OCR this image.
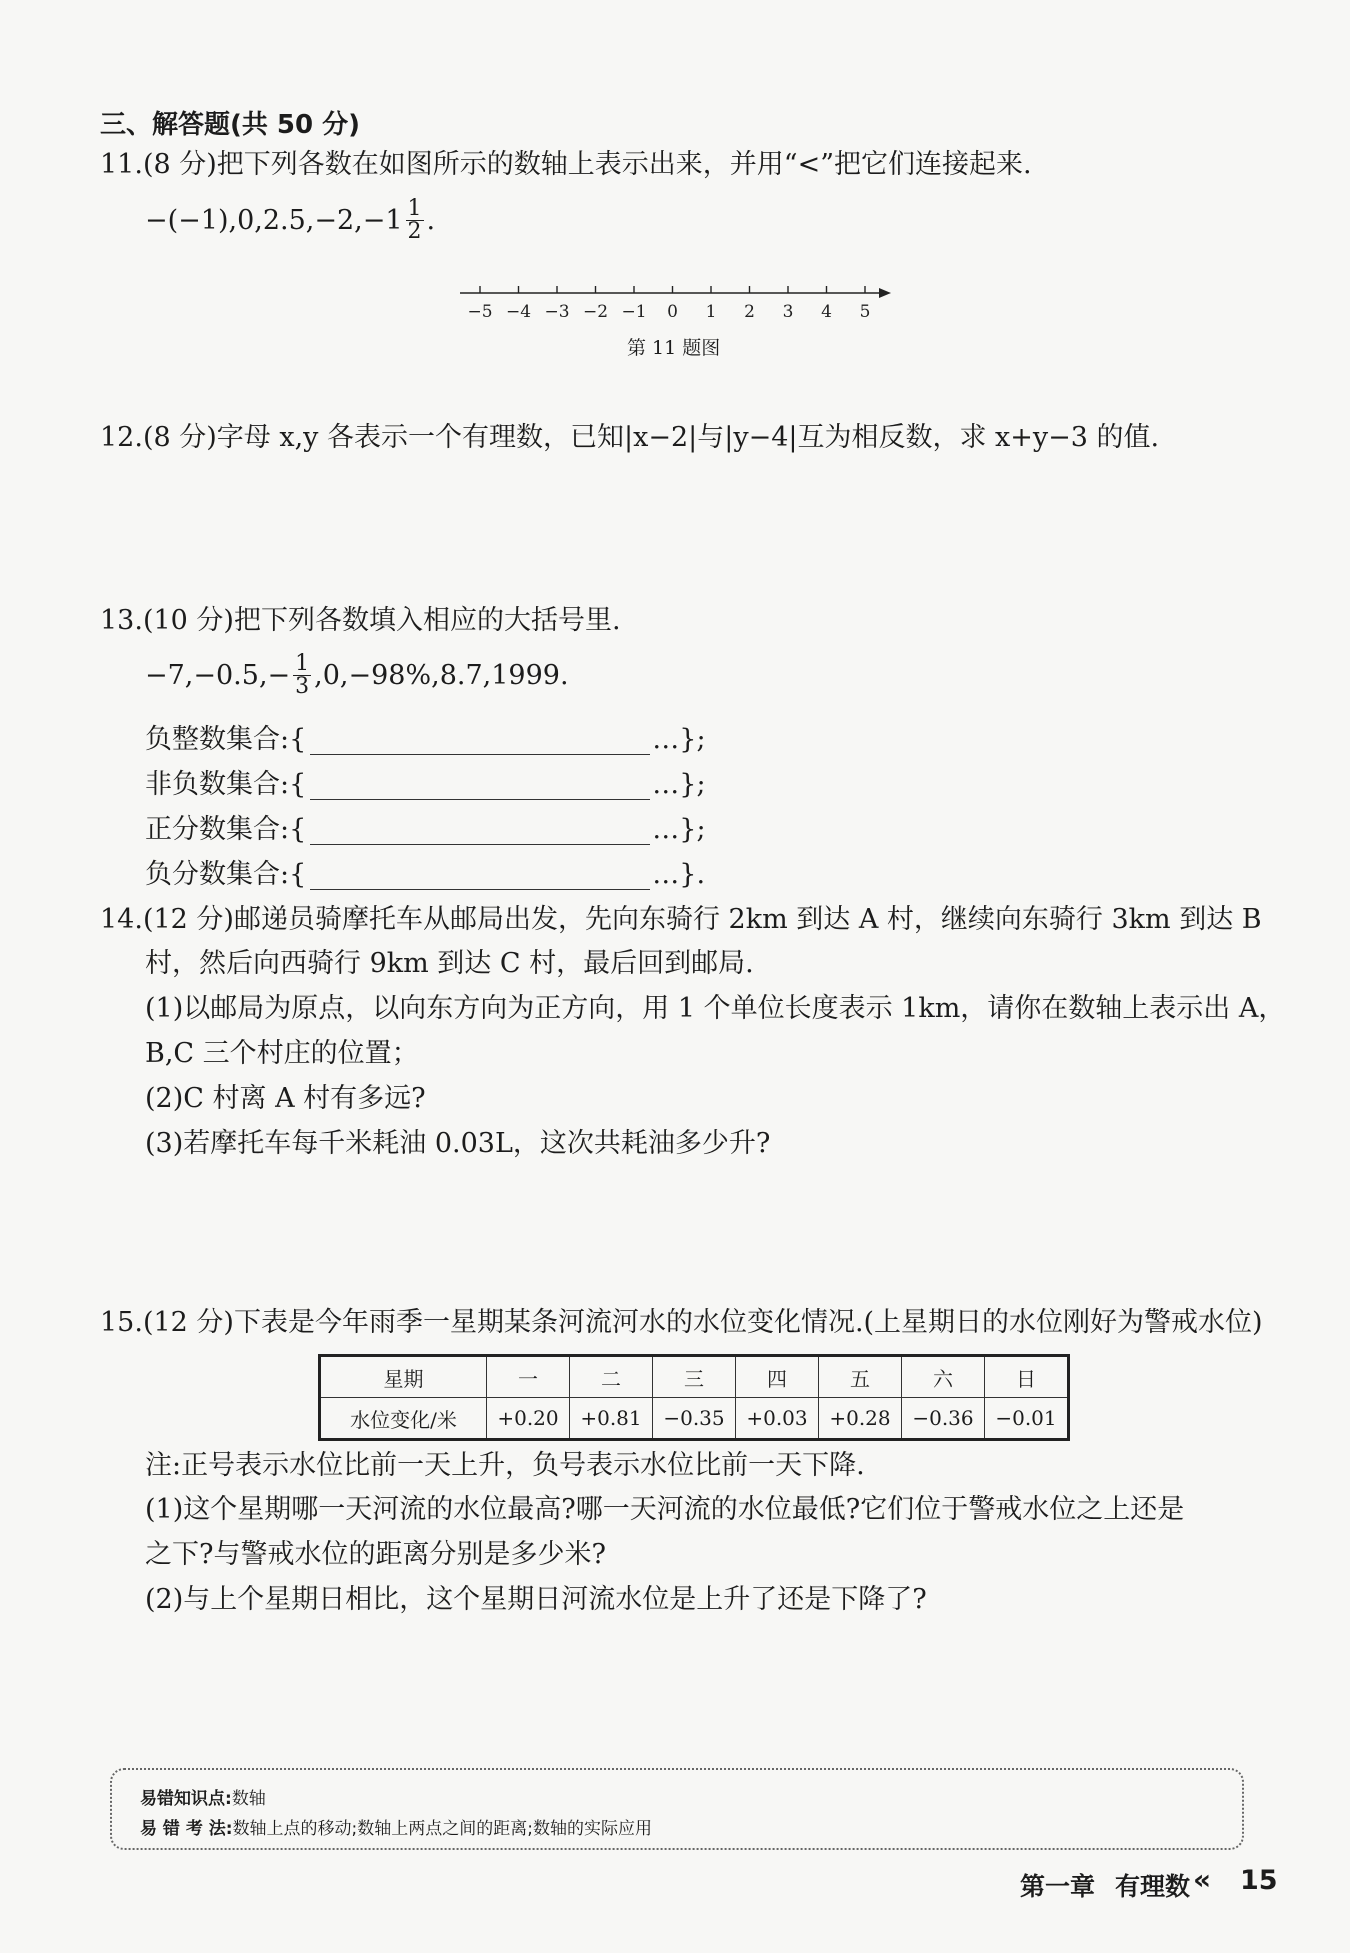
三、解答题(共 50 分)
11.(8 分)把下列各数在如图所示的数轴上表示出来，并用“<”把它们连接起来.
$-(-1),0,2.5,-2,-1 \frac{1}{2}$ .
−5 −4 −3 −2 −1 0 1 2 3 4 5
第 11 题图
12.(8 分)字母 x,y 各表示一个有理数，已知|x−2|与|y−4|互为相反数，求 x+y−3 的值.
13.(10 分)把下列各数填入相应的大括号里.
$-7,-0.5,- \frac{1}{3} ,0,-98\%,8.7,1999$.
负整数集合:{	…};
非负数集合:{	…};
正分数集合:{	…};
负分数集合:{	…}.
14.(12 分)邮递员骑摩托车从邮局出发，先向东骑行 2km 到达 A 村，继续向东骑行 3km 到达 B
村，然后向西骑行 9km 到达 C 村，最后回到邮局.
(1)以邮局为原点，以向东方向为正方向，用 1 个单位长度表示 1km，请你在数轴上表示出 A，
B,C 三个村庄的位置；
(2)C 村离 A 村有多远?
(3)若摩托车每千米耗油 0.03L，这次共耗油多少升?
15.(12 分)下表是今年雨季一星期某条河流河水的水位变化情况.(上星期日的水位刚好为警戒水位)
星期	一	二	三	四	五	六	日
水位变化/米	+0.20	+0.81	−0.35	+0.03	+0.28	−0.36	−0.01
注:正号表示水位比前一天上升，负号表示水位比前一天下降.
(1)这个星期哪一天河流的水位最高?哪一天河流的水位最低?它们位于警戒水位之上还是
之下?与警戒水位的距离分别是多少米?
(2)与上个星期日相比，这个星期日河流水位是上升了还是下降了?
易错知识点:数轴
易 错 考 法:数轴上点的移动;数轴上两点之间的距离;数轴的实际应用
第一章 有理数 « 15
